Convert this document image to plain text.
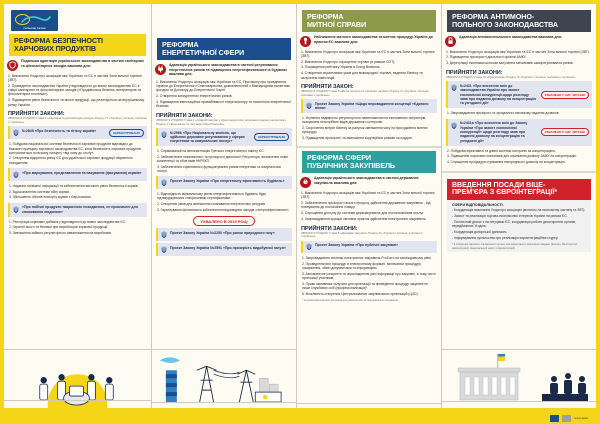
СИЛЬНІЩІ РАЗОМ
РЕФОРМА БЕЗПЕЧНОСТІ
ХАРЧОВИХ ПРОДУКТІВ
Подальша адаптація українського законодавства в частині санітарних та фітосанітарних заходів важлива для:

1. Виконання Угоди про асоціацію між Україною та ЄС в частині Зони вільної торгівлі (ЗВТ).

2. Приведення законодавства України у відповідність до вимог законодавства ЄС в сфері санітарних та фітосанітарних заходів («Продовольча безпека, ветеринарна та фітосанітарна політика»).

3. Підвищення рівня безпечності та якості продукції, що реалізується на внутрішньому ринку України.

ПРИЙНЯТИ ЗАКОНИ:
ЗВ'ЯЗОК З УГОДОЮ: Глава 4 «Санітарні та фітосанітарні заходи» Розділу IV «Торгівля і питання, пов'язані з торгівлею»
№2845 «Про безпечність та гігієну кормів»	ЗАРЕЄСТРОВАНО

1. Побудова національної системи безпечності харчових продуктів відповідно до базового принципу харчового законодавства ЄС, коли безпечність харчових продуктів контролюється по всьому ланцюгу «від лану до столу».

2. Створення відкритого ринку ЄС для української харчової продукції тваринного походження.

«Про маркування, представлення та пакування (фасування) кормів»

1. Надання належної інформації та забезпечення високого рівня безпечності кормів.

2. Вдосконалення системи обігу кормів.

3. Збільшення обсягів експорту кормів з Євросоюзом.

«Про побічні продукти тваринного походження, не призначені для споживання людиною»

1. Реєстрація кормових добавок у відповідності до вимог законодавства ЄС.

2. Гарантії якості та безпеки при виробництві кормової продукції.

3. Зменшення зайвого регуляторного навантаження на виробників.

РЕФОРМА
ЕНЕРГЕТИЧНОЇ СФЕРИ
Адаптація українського законодавства в частині регулювання енергетичних ринків та підвищення енергоефективності в будівлях важлива для:

1. Виконання Угоди про асоціацію між Україною та ЄС, Протоколу про приєднання України до Енергетичного Співтовариства, домовленостей з Міжнародним валютним фондом та Договору до Енергетичної Хартії.

2. Створення конкурентних енергетичних ринків.

3. Підвищення інвестиційної привабливості енергосектору та посилення енергетичної безпеки.

ПРИЙНЯТИ ЗАКОНИ:
ЗВ'ЯЗОК З УГОДОЮ: Глава 1 «Співробітництво у сфері енергетики, включаючи ядерну енергетику» Розділу V «Економічне та галузеве співробітництво»
№2966 «Про Національну комісію, що здійснює державне регулювання у сферах енергетики та комунальних послуг»
ЗАРЕЄСТРОВАНО

1. Спрямований на імплементацію Третього енергетичного пакету ЄС.

2. Забезпечення незалежності та прозорості діяльності Регулятора, визначення нової компетенції та обов'язків НКРЕКП.

3. Забезпечення ефективного функціонування ринків енергетики та комунальних послуг.

Проект Закону України «Про енергетичну ефективність будівель»

1. Відповідність мінімальному рівню енергоефективності будівель буде підтверджуватися спеціальними сертифікатами.

2. Створення умов для зменшення споживання енергетичних ресурсів.

3. Гарантування фінансового забезпечення відповідних заходів з енергоефективності.

УХВАЛЕНО В 2015 РОЦІ
Проект Закону України №2250 «Про ринок природного газу»
Проект Закону України №2591 «Про прозорість видобувної галузі»
РЕФОРМА
МИТНОЇ СПРАВИ
Наближення митного законодавства та митних процедур України до практик ЄС важливе для:

1. Виконання Угоди про асоціацію між Україною та ЄС в частині Зони вільної торгівлі (ЗВТ).

2. Виконання Угоди про спрощення торгівлі (в рамках СОТ).

3. Покращення рейтингу України в Doing Business.

4. Створення сприятливих умов для міжнародної торгівлі, ведення бізнесу та залучення інвестицій.

ПРИЙНЯТИ ЗАКОН:
ЗВ'ЯЗОК З УГОДОЮ: Глава 5 «Митні питання та сприяння торгівлі» Розділу IV «Торгівля і питання, пов'язані з торгівлею»
Проект Закону України «Щодо впровадження концепції «Єдиного вікна»

1. Усунення надмірного регуляторного навантаження на економічних операторів, скасування непотрібних видів державного контролю.

2. Скорочення витрат бізнесу за рахунок зменшення часу на проходження митних процедур.

3. Підвищення прозорості та зменшення корупційних ризиків на кордоні.

РЕФОРМА СФЕРИ
ПУБЛІЧНИХ ЗАКУПІВЕЛЬ
₴
Адаптація українського законодавства в частині державних закупівель важлива для:

1. Виконання Угоди про асоціацію між Україною та ЄС в частині Зони вільної торгівлі (ЗВТ).

2. Забезпечення прозорості всього процесу здійснення державних закупівель - від планування до постачання товару.

3. Спрощення доступу до системи держзакупівель для постачальників послуг.

4. Запровадження кращих світових практик здійснення електронних закупівель.

ПРИЙНЯТИ ЗАКОНИ:
ЗВ'ЯЗОК З УГОДОЮ: Глава 8 «Державні закупівлі» Розділу IV «Торгівля і питання, пов'язані з торгівлею»
Проект Закону України «Про публічні закупівлі»

1. Запровадження системи електронних закупівель ProZorro на законодавчому рівні.

2. Проведення всіх процедур в електронному форматі, включаючи процедуру оскарження, обмін документами та інформацією.

3. Автоматичне розкриття та оприлюднення усієї інформації про закупівлі, в тому числі пропозиції учасників.

4. Право замовника залучати для організації та проведення процедур закупівлі не лише службових осіб (професіоналізація)*.

5. Можливість створення Централізованих закупівельних організацій (ЦЗО).

* за рішенням власного розпорядчого рішення або за передбачених положення
РЕФОРМА АНТИМОНО-
ПОЛЬНОГО ЗАКОНОДАВСТВА
Адаптація антимонопольного законодавства важлива для:

1. Виконання Угоди про асоціацію між Україною та ЄС в частині Зони вільної торгівлі (ЗВТ).

2. Підвищення прозорості діяльності органів АМКУ.

3. Дерегуляції економіки шляхом залучення механізмів саморегулювання ринків.

ПРИЙНЯТИ ЗАКОНИ:
ЗВ'ЯЗОК З УГОДОЮ: Глава 10 «Конкуренція» Розділу IV «Торгівля і питання, пов'язані з торгівлею»
№2431 «Про внесення змін до законодавства України про захист економічної конкуренції щодо розгляду заяв про надання дозволу на концентрацію та узгоджені дії»
УХВАЛЕНО У I-МУ ЧИТАННІ

1. Запровадження прозорого та зрозумілого механізму надання дозволів.

№2431а «Про внесення змін до Закону України «Про захист економічної конкуренції» щодо розгляду заяв про надання дозволу на концентрацію та узгоджені дії»
УХВАЛЕНО У I-МУ ЧИТАННІ

2. Побудова ефективної та дієвої системи контролю за концентрацією.

3. Підвищення порогових показників для отримання дозволу АМКУ на концентрацію.

4. Спрощення процедури отримання попереднього дозволу на концентрацію.

ВВЕДЕННЯ ПОСАДИ ВІЦЕ-
ПРЕМ'ЄРА З ЄВРОІНТЕГРАЦІЇ*
СФЕРИ ВІДПОВІДАЛЬНОСТІ:

- Координація виконання Угоди про асоціацію (включно на економічну частину та ЗВТ).

- Захист та реалізація торгово-економічних інтересів України на ринках ЄС.

- Політичний діалог з інституціями ЄС, координація роботи двосторонніх органів, передбачених Угодою.

- Координація донорської допомоги.

- Інформування суспільства про реалізацію євроінтеграційного курсу.

* в створення окремого спеціального органу для ефективного виконання завдань (агенція, Міністерство євроінтеграції, Національний центр з євроінтеграції).
Інфографіка
